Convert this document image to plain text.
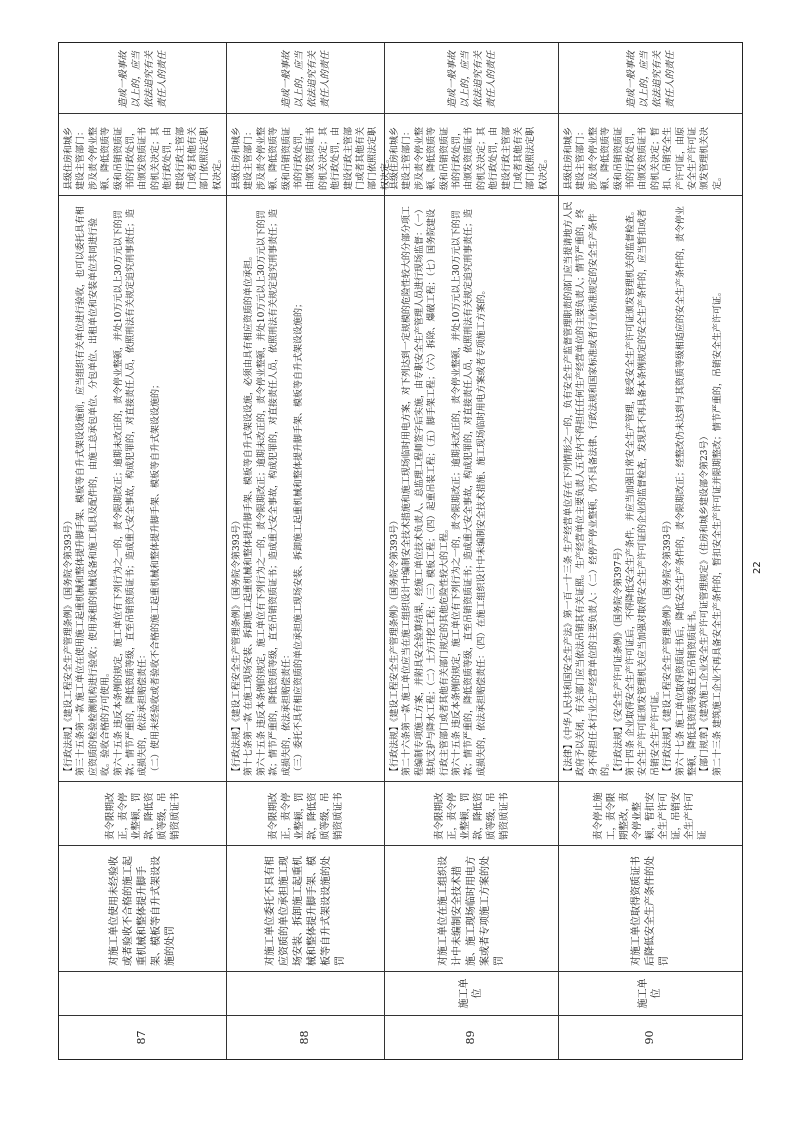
87
对施工单位使用未经验收或者验收不合格的施工起重机械和整体提升脚手架、模板等自升式架设设施的处罚
责令限期改正，责令停业整顿，罚款，降低资质等级，吊销资质证书

【行政法规】《建设工程安全生产管理条例》（国务院令第393号） 第三十五条第一款 施工单位在使用施工起重机械和整体提升脚手架、模板等自升式架设设施前，应当组织有关单位进行验收，也可以委托具有相应资质的检验检测机构进行验收；使用承租的机械设备和施工机具及配件的，由施工总承包单位、分包单位、出租单位和安装单位共同进行验收。验收合格的方可使用。 第六十五条 违反本条例的规定，施工单位有下列行为之一的，责令限期改正；逾期未改正的，责令停业整顿，并处10万元以上30万元以下的罚款；情节严重的，降低资质等级，直至吊销资质证书；造成重大安全事故，构成犯罪的，对直接责任人员，依照刑法有关规定追究刑事责任；造成损失的，依法承担赔偿责任： （二）使用未经验收或者验收不合格的施工起重机械和整体提升脚手架、模板等自升式架设设施的；

县级住房和城乡建设主管部门：涉及责令停业整顿、降低资质等级和吊销资质证书的行政处罚，由颁发资质证书的机关决定；其他行政处罚，由建设行政主管部门或者其他有关部门依照法定职权决定。
造成一般事故以上的，应当依法追究有关责任人的责任
88
对施工单位委托不具有相应资质的单位承担施工现场安装、拆卸施工起重机械和整体提升脚手架、模板等自升式架设设施的处罚
责令限期改正，责令停业整顿，罚款，降低资质等级，吊销资质证书

【行政法规】《建设工程安全生产管理条例》（国务院令第393号） 第十七条第一款 在施工现场安装、拆卸施工起重机械和整体提升脚手架、模板等自升式架设设施，必须由具有相应资质的单位承担。 第六十五条 违反本条例的规定，施工单位有下列行为之一的，责令限期改正；逾期未改正的，责令停业整顿，并处10万元以上30万元以下的罚款；情节严重的，降低资质等级，直至吊销资质证书；造成重大安全事故，构成犯罪的，对直接责任人员，依照刑法有关规定追究刑事责任；造成损失的，依法承担赔偿责任： （三）委托不具有相应资质的单位承担施工现场安装、拆卸施工起重机械和整体提升脚手架、模板等自升式架设设施的；

县级住房和城乡建设主管部门：涉及责令停业整顿、降低资质等级和吊销资质证书的行政处罚，由颁发资质证书的机关决定；其他行政处罚，由建设行政主管部门或者其他有关部门依照法定职权决定。
造成一般事故以上的，应当依法追究有关责任人的责任
89
施工单位
对施工单位在施工组织设计中未编制安全技术措施、施工现场临时用电方案或者专项施工方案的处罚
责令限期改正，责令停业整顿，罚款，降低资质等级，吊销资质证书

【行政法规】《建设工程安全生产管理条例》（国务院令第393号） 第二十六条第一款 施工单位应当在施工组织设计中编制安全技术措施和施工现场临时用电方案，对下列达到一定规模的危险性较大的分部分项工程编制专项施工方案，并附具安全验算结果，经施工单位技术负责人、总监理工程师签字后实施，由专职安全生产管理人员进行现场监督：（一）基坑支护与降水工程；（二）土方开挖工程；（三）模板工程；（四）起重吊装工程；（五）脚手架工程；（六）拆除、爆破工程；（七）国务院建设行政主管部门或者其他有关部门规定的其他危险性较大的工程。 第六十五条 违反本条例的规定，施工单位有下列行为之一的，责令限期改正；逾期未改正的，责令停业整顿，并处10万元以上30万元以下的罚款；情节严重的，降低资质等级，直至吊销资质证书；造成重大安全事故，构成犯罪的，对直接责任人员，依照刑法有关规定追究刑事责任；造成损失的，依法承担赔偿责任：（四）在施工组织设计中未编制安全技术措施、施工现场临时用电方案或者专项施工方案的。

县级住房和城乡建设主管部门：涉及责令停业整顿、降低资质等级和吊销资质证书的行政处罚，由颁发资质证书的机关决定；其他行政处罚，由建设行政主管部门或者其他有关部门依照法定职权决定。
造成一般事故以上的，应当依法追究有关责任人的责任
90
施工单位
对施工单位取得资质证书后降低安全生产条件的处罚
责令停止施工，责令限期整改，责令停业整顿，暂扣安全生产许可证，吊销安全生产许可证

【法律】《中华人民共和国安全生产法》第一百一十三条 生产经营单位存在下列情形之一的，负有安全生产监督管理职责的部门应当提请地方人民政府予以关闭，有关部门应当依法吊销其有关证照。生产经营单位主要负责人五年内不得担任任何生产经营单位的主要负责人；情节严重的，终身不得担任本行业生产经营单位的主要负责人：（二）经停产停业整顿，仍不具备法律、行政法规和国家标准或者行业标准规定的安全生产条件的。 【行政法规】《安全生产许可证条例》（国务院令第397号） 第十四条 企业取得安全生产许可证后，不得降低安全生产条件，并应当加强日常安全生产管理，接受安全生产许可证颁发管理机关的监督检查。安全生产许可证颁发管理机关应当加强对取得安全生产许可证的企业的监督检查，发现其不再具备本条例规定的安全生产条件的，应当暂扣或者吊销安全生产许可证。 【行政法规】《建设工程安全生产管理条例》（国务院令第393号） 第六十七条 施工单位取得资质证书后，降低安全生产条件的，责令限期改正；经整改仍未达到与其资质等级相适应的安全生产条件的，责令停业整顿，降低其资质等级直至吊销资质证书。 【部门规章】《建筑施工企业安全生产许可证管理规定》（住房和城乡建设部令第23号） 第二十三条 建筑施工企业不再具备安全生产条件的，暂扣安全生产许可证并限期整改；情节严重的，吊销安全生产许可证。

县级住房和城乡建设主管部门：涉及责令停业整顿、降低资质等级和吊销资质证书的行政处罚，由颁发资质证书的机关决定；暂扣、吊销安全生产许可证，由原安全生产许可证颁发管理机关决定。
造成一般事故以上的，应当依法追究有关责任人的责任
22
